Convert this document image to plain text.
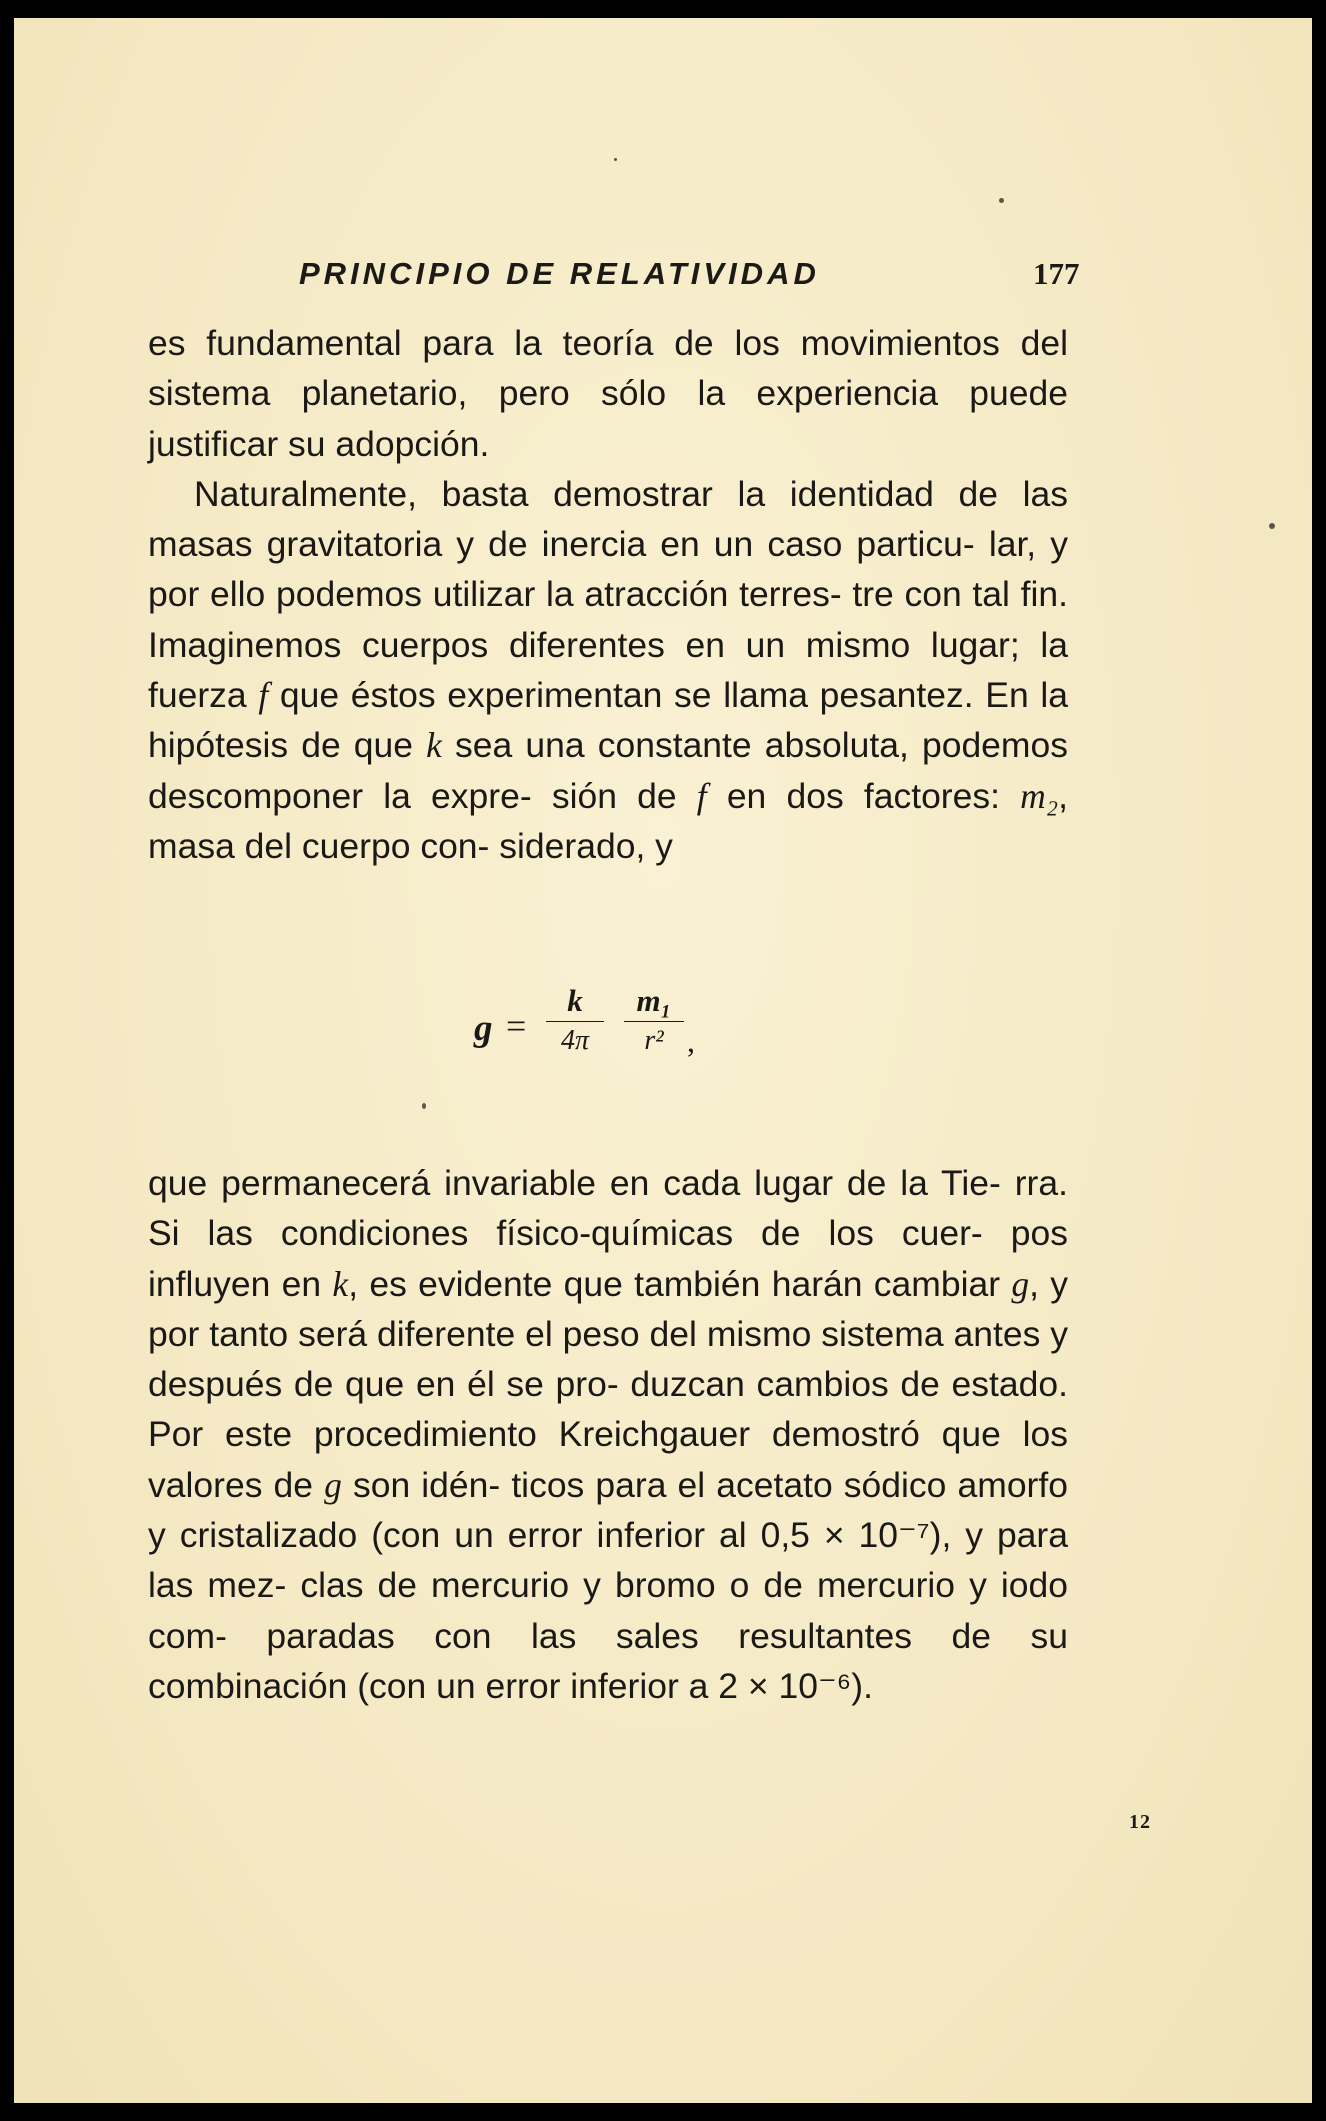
PRINCIPIO DE RELATIVIDAD	177

es fundamental para la teoría de los movimientos del sistema planetario, pero sólo la experiencia puede justificar su adopción.

Naturalmente, basta demostrar la identidad de las masas gravitatoria y de inercia en un caso particu- lar, y por ello podemos utilizar la atracción terres- tre con tal fin. Imaginemos cuerpos diferentes en un mismo lugar; la fuerza f que éstos experimentan se llama pesantez. En la hipótesis de que k sea una constante absoluta, podemos descomponer la expre- sión de f en dos factores: m₂, masa del cuerpo con- siderado, y

g =
k
4π
m₁
r² ,

que permanecerá invariable en cada lugar de la Tie- rra. Si las condiciones físico-químicas de los cuer- pos influyen en k, es evidente que también harán cambiar g, y por tanto será diferente el peso del mismo sistema antes y después de que en él se pro- duzcan cambios de estado. Por este procedimiento Kreichgauer demostró que los valores de g son idén- ticos para el acetato sódico amorfo y cristalizado (con un error inferior al 0,5 × 10⁻⁷), y para las mez- clas de mercurio y bromo o de mercurio y iodo com- paradas con las sales resultantes de su combinación (con un error inferior a 2 × 10⁻⁶).

12
